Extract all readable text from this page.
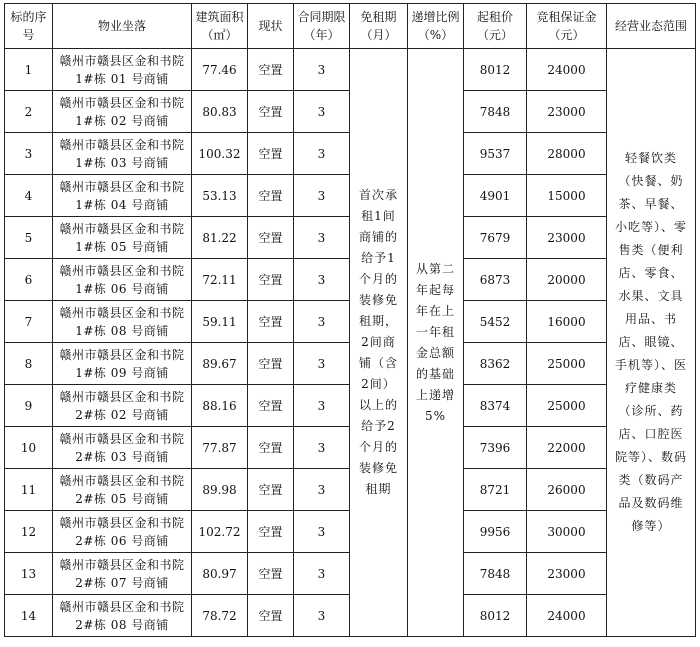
标的序号	物业坐落	建筑面积（㎡）	现状	合同期限（年）	免租期（月）	递增比例（%）	起租价（元）	竞租保证金（元）	经营业态范围
1	赣州市赣县区金和书院 1#栋 01 号商铺	77.46	空置	3	首次承租1间商铺的给予1个月的装修免租期，2间商铺（含2间）以上的给予2个月的装修免租期	从第二年起每年在上一年租金总额的基础上递增5%	8012	24000	轻餐饮类（快餐、奶茶、早餐、小吃等）、零售类（便利店、零食、水果、文具用品、书店、眼镜、手机等）、医疗健康类（诊所、药店、口腔医院等）、数码类（数码产品及数码维修等）
2	赣州市赣县区金和书院 1#栋 02 号商铺	80.83	空置	3			7848	23000	
3	赣州市赣县区金和书院 1#栋 03 号商铺	100.32	空置	3			9537	28000	
4	赣州市赣县区金和书院 1#栋 04 号商铺	53.13	空置	3			4901	15000	
5	赣州市赣县区金和书院 1#栋 05 号商铺	81.22	空置	3			7679	23000	
6	赣州市赣县区金和书院 1#栋 06 号商铺	72.11	空置	3			6873	20000	
7	赣州市赣县区金和书院 1#栋 08 号商铺	59.11	空置	3			5452	16000	
8	赣州市赣县区金和书院 1#栋 09 号商铺	89.67	空置	3			8362	25000	
9	赣州市赣县区金和书院 2#栋 02 号商铺	88.16	空置	3			8374	25000	
10	赣州市赣县区金和书院 2#栋 03 号商铺	77.87	空置	3			7396	22000	
11	赣州市赣县区金和书院 2#栋 05 号商铺	89.98	空置	3			8721	26000	
12	赣州市赣县区金和书院 2#栋 06 号商铺	102.72	空置	3			9956	30000	
13	赣州市赣县区金和书院 2#栋 07 号商铺	80.97	空置	3			7848	23000	
14	赣州市赣县区金和书院 2#栋 08 号商铺	78.72	空置	3			8012	24000	
